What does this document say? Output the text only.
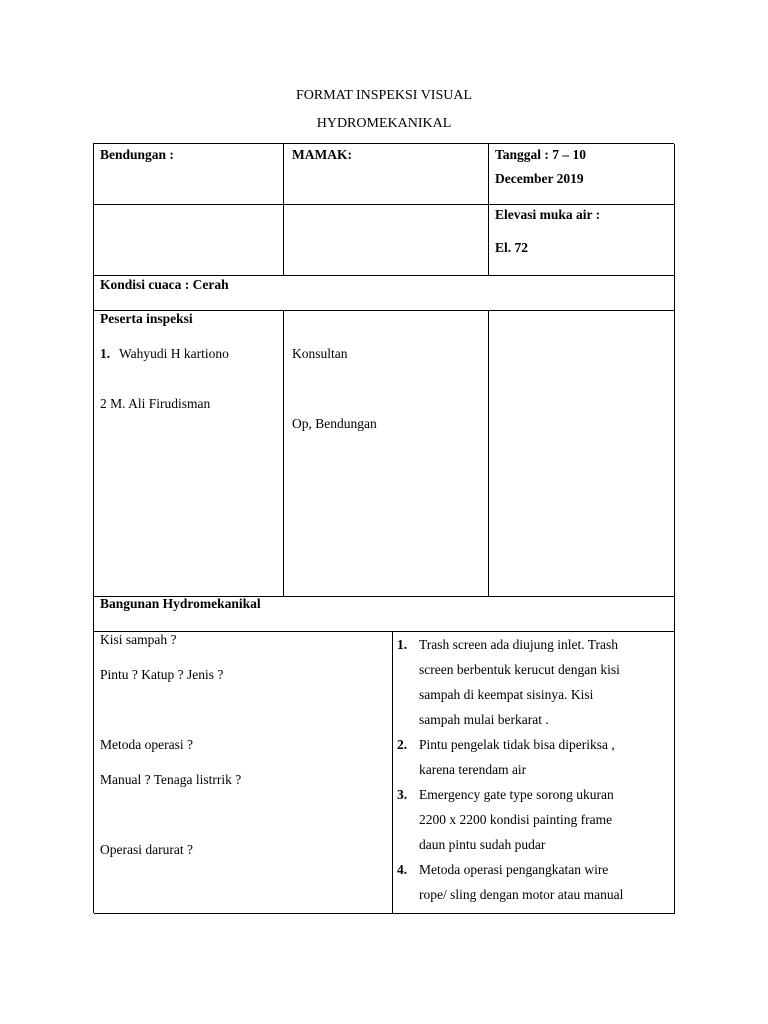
FORMAT INSPEKSI VISUAL
HYDROMEKANIKAL
Bendungan :	MAMAK:	Tanggal : 7 – 10
December 2019
Elevasi muka air :
El. 72
Kondisi cuaca : Cerah
Peserta inspeksi
1. Wahyudi H kartiono
2 M. Ali Firudisman
Konsultan
Op, Bendungan
Bangunan Hydromekanikal
Kisi sampah ?
Pintu ? Katup ? Jenis ?
Metoda operasi ?
Manual ? Tenaga listrrik ?
Operasi darurat ?
1. Trash screen ada diujung inlet. Trash
screen berbentuk kerucut dengan kisi
sampah di keempat sisinya. Kisi
sampah mulai berkarat .
2. Pintu pengelak tidak bisa diperiksa ,
karena terendam air
3. Emergency gate type sorong ukuran
2200 x 2200 kondisi painting frame
daun pintu sudah pudar
4. Metoda operasi pengangkatan wire
rope/ sling dengan motor atau manual
